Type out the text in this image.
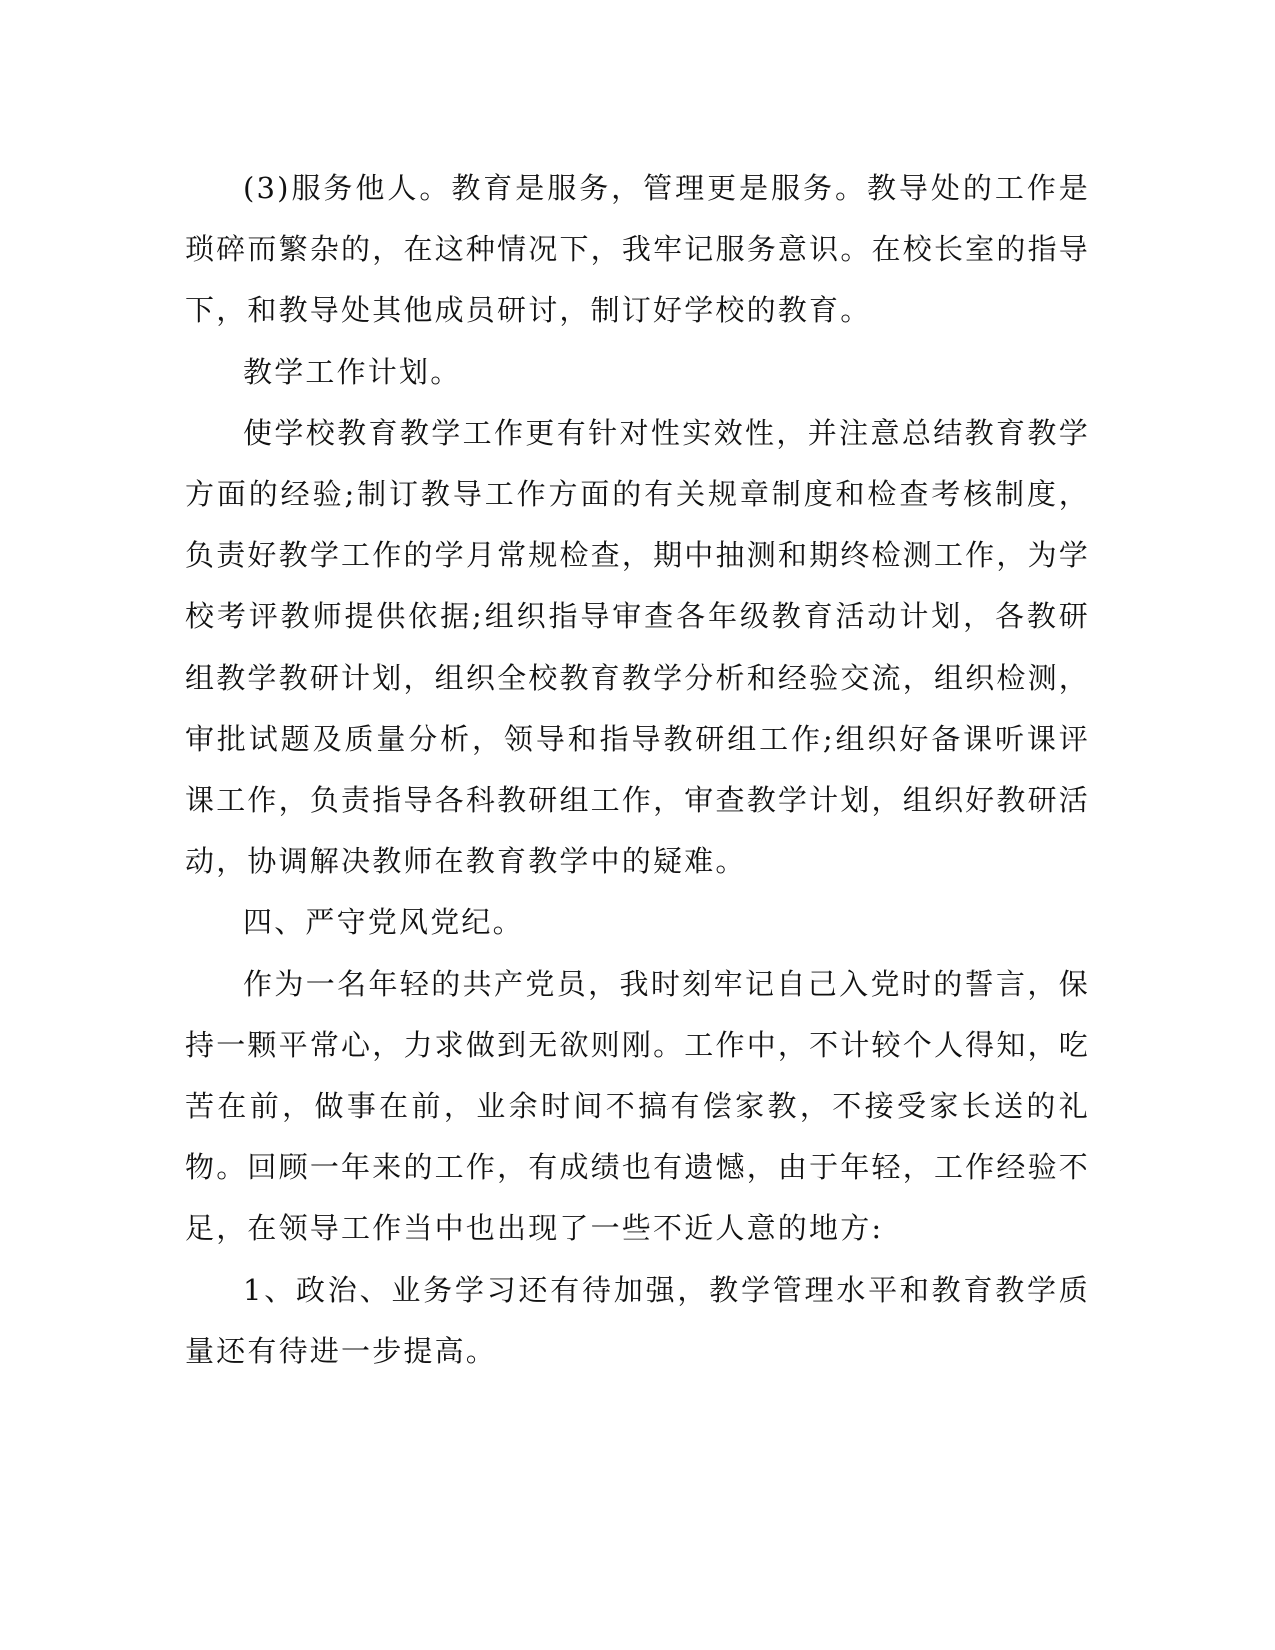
(3)服务他人。教育是服务，管理更是服务。教导处的工作是琐碎而繁杂的，在这种情况下，我牢记服务意识。在校长室的指导下，和教导处其他成员研讨，制订好学校的教育。

教学工作计划。

使学校教育教学工作更有针对性实效性，并注意总结教育教学方面的经验;制订教导工作方面的有关规章制度和检查考核制度，负责好教学工作的学月常规检查，期中抽测和期终检测工作，为学校考评教师提供依据;组织指导审查各年级教育活动计划，各教研组教学教研计划，组织全校教育教学分析和经验交流，组织检测，审批试题及质量分析，领导和指导教研组工作;组织好备课听课评课工作，负责指导各科教研组工作，审查教学计划，组织好教研活动，协调解决教师在教育教学中的疑难。

四、严守党风党纪。

作为一名年轻的共产党员，我时刻牢记自己入党时的誓言，保持一颗平常心，力求做到无欲则刚。工作中，不计较个人得知，吃苦在前，做事在前，业余时间不搞有偿家教，不接受家长送的礼物。回顾一年来的工作，有成绩也有遗憾，由于年轻，工作经验不足，在领导工作当中也出现了一些不近人意的地方:

1、政治、业务学习还有待加强，教学管理水平和教育教学质量还有待进一步提高。
